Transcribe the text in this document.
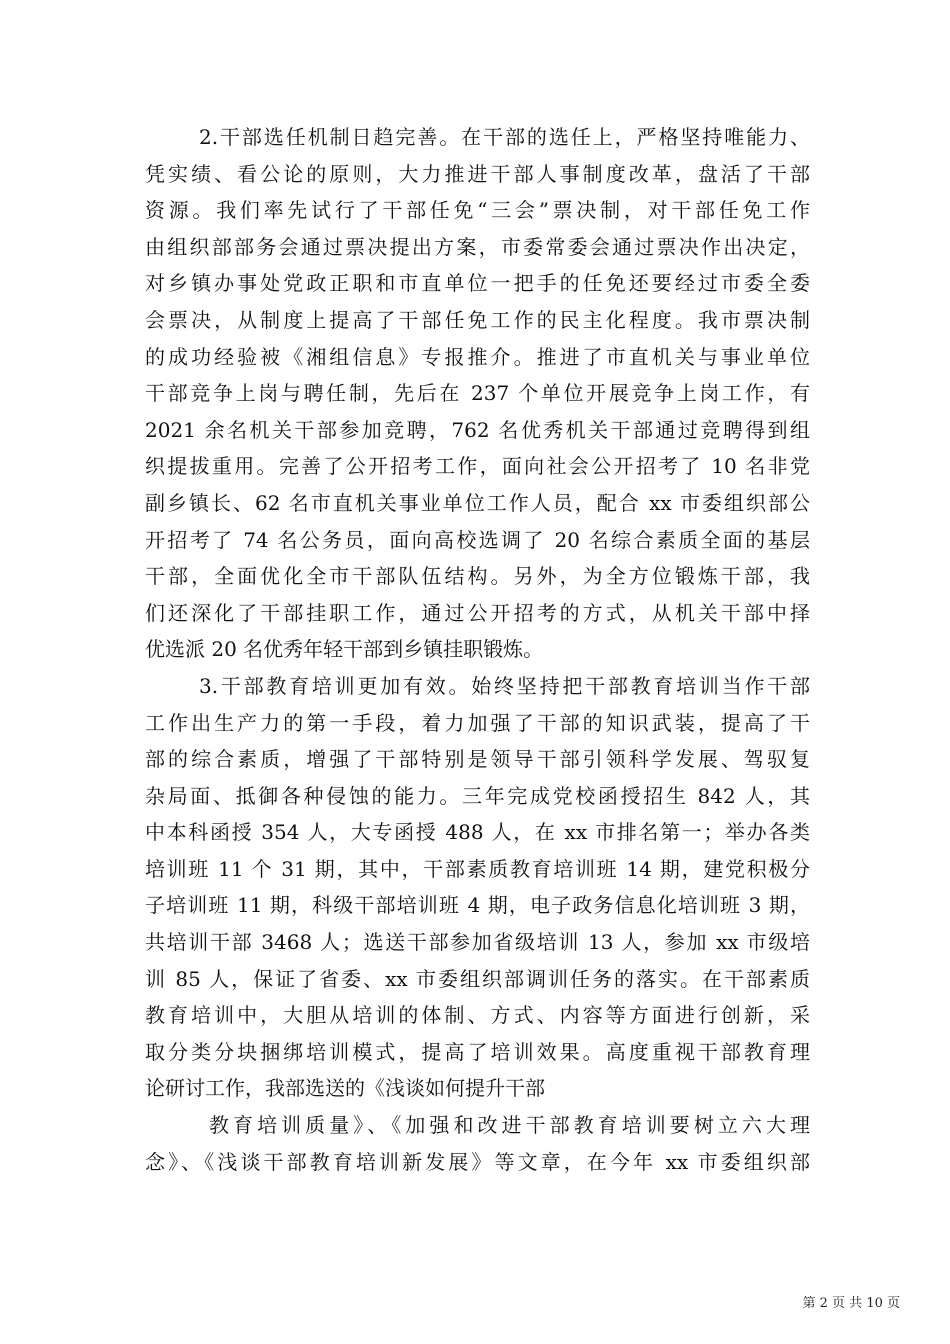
2.干部选任机制日趋完善。在干部的选任上，严格坚持唯能力、
凭实绩、看公论的原则，大力推进干部人事制度改革，盘活了干部
资源。我们率先试行了干部任免“三会”票决制，对干部任免工作
由组织部部务会通过票决提出方案，市委常委会通过票决作出决定，
对乡镇办事处党政正职和市直单位一把手的任免还要经过市委全委
会票决，从制度上提高了干部任免工作的民主化程度。我市票决制
的成功经验被《湘组信息》专报推介。推进了市直机关与事业单位
干部竞争上岗与聘任制，先后在 237 个单位开展竞争上岗工作，有
2021 余名机关干部参加竞聘，762 名优秀机关干部通过竞聘得到组
织提拔重用。完善了公开招考工作，面向社会公开招考了 10 名非党
副乡镇长、62 名市直机关事业单位工作人员，配合 xx 市委组织部公
开招考了 74 名公务员，面向高校选调了 20 名综合素质全面的基层
干部，全面优化全市干部队伍结构。另外，为全方位锻炼干部，我
们还深化了干部挂职工作，通过公开招考的方式，从机关干部中择
优选派 20 名优秀年轻干部到乡镇挂职锻炼。
3.干部教育培训更加有效。始终坚持把干部教育培训当作干部
工作出生产力的第一手段，着力加强了干部的知识武装，提高了干
部的综合素质，增强了干部特别是领导干部引领科学发展、驾驭复
杂局面、抵御各种侵蚀的能力。三年完成党校函授招生 842 人，其
中本科函授 354 人，大专函授 488 人，在 xx 市排名第一；举办各类
培训班 11 个 31 期，其中，干部素质教育培训班 14 期，建党积极分
子培训班 11 期，科级干部培训班 4 期，电子政务信息化培训班 3 期，
共培训干部 3468 人；选送干部参加省级培训 13 人，参加 xx 市级培
训 85 人，保证了省委、xx 市委组织部调训任务的落实。在干部素质
教育培训中，大胆从培训的体制、方式、内容等方面进行创新，采
取分类分块捆绑培训模式，提高了培训效果。高度重视干部教育理
论研讨工作，我部选送的《浅谈如何提升干部
教育培训质量》、《加强和改进干部教育培训要树立六大理
念》、《浅谈干部教育培训新发展》等文章，在今年 xx 市委组织部
第 2 页 共 10 页
